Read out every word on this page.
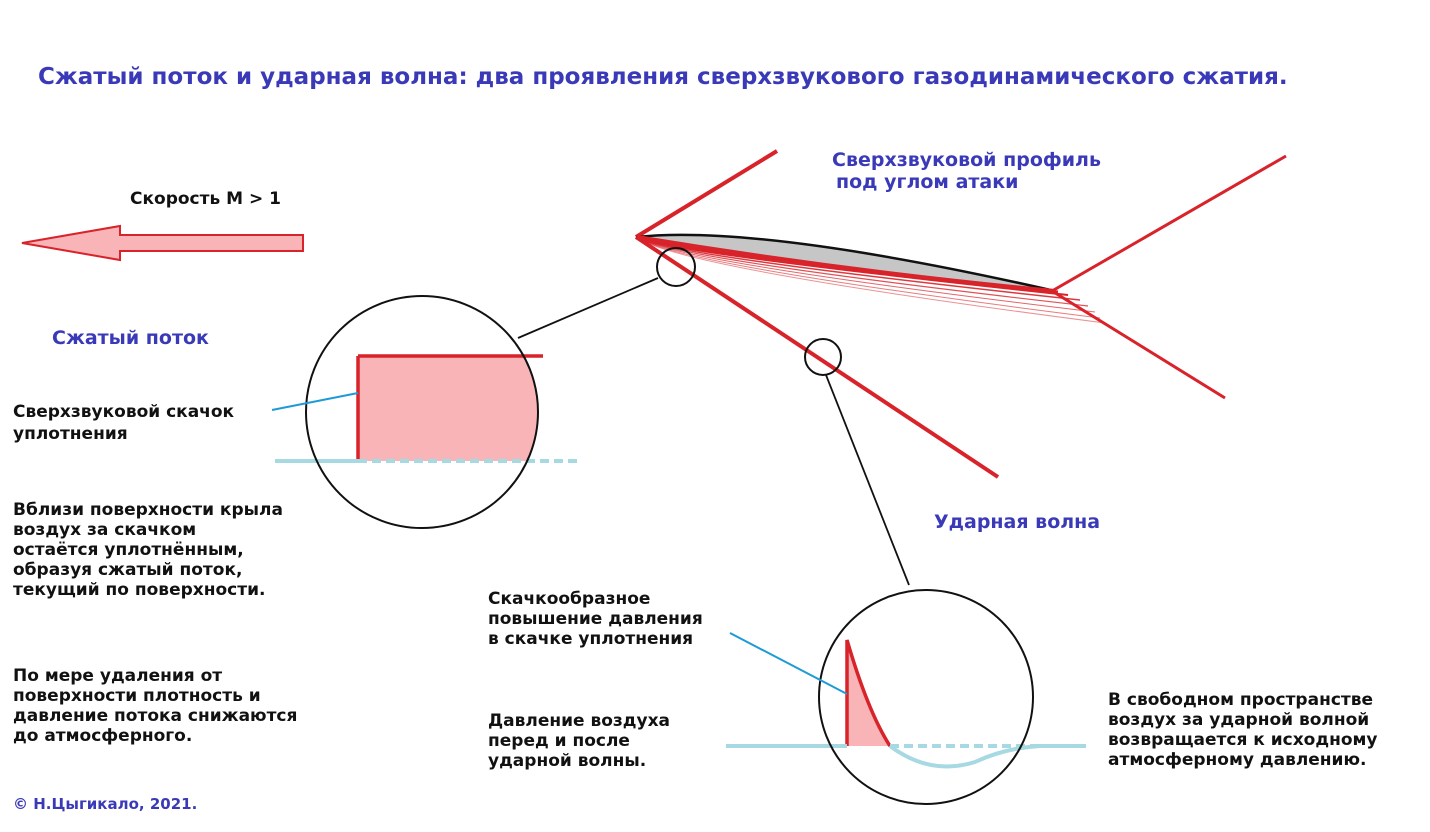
Сжатый поток и ударная волна: два проявления сверхзвукового газодинамического сжатия.
Скорость M > 1
Сверхзвуковой профиль
под углом атаки
Сжатый поток
Ударная волна
Сверхзвуковой скачок
уплотнения
Вблизи поверхности крыла
воздух за скачком
остаётся уплотнённым,
образуя сжатый поток,
текущий по поверхности.
По мере удаления от
поверхности плотность и
давление потока снижаются
до атмосферного.
Скачкообразное
повышение давления
в скачке уплотнения
Давление воздуха
перед и после
ударной волны.
В свободном пространстве
воздух за ударной волной
возвращается к исходному
атмосферному давлению.
© Н.Цыгикало, 2021.
